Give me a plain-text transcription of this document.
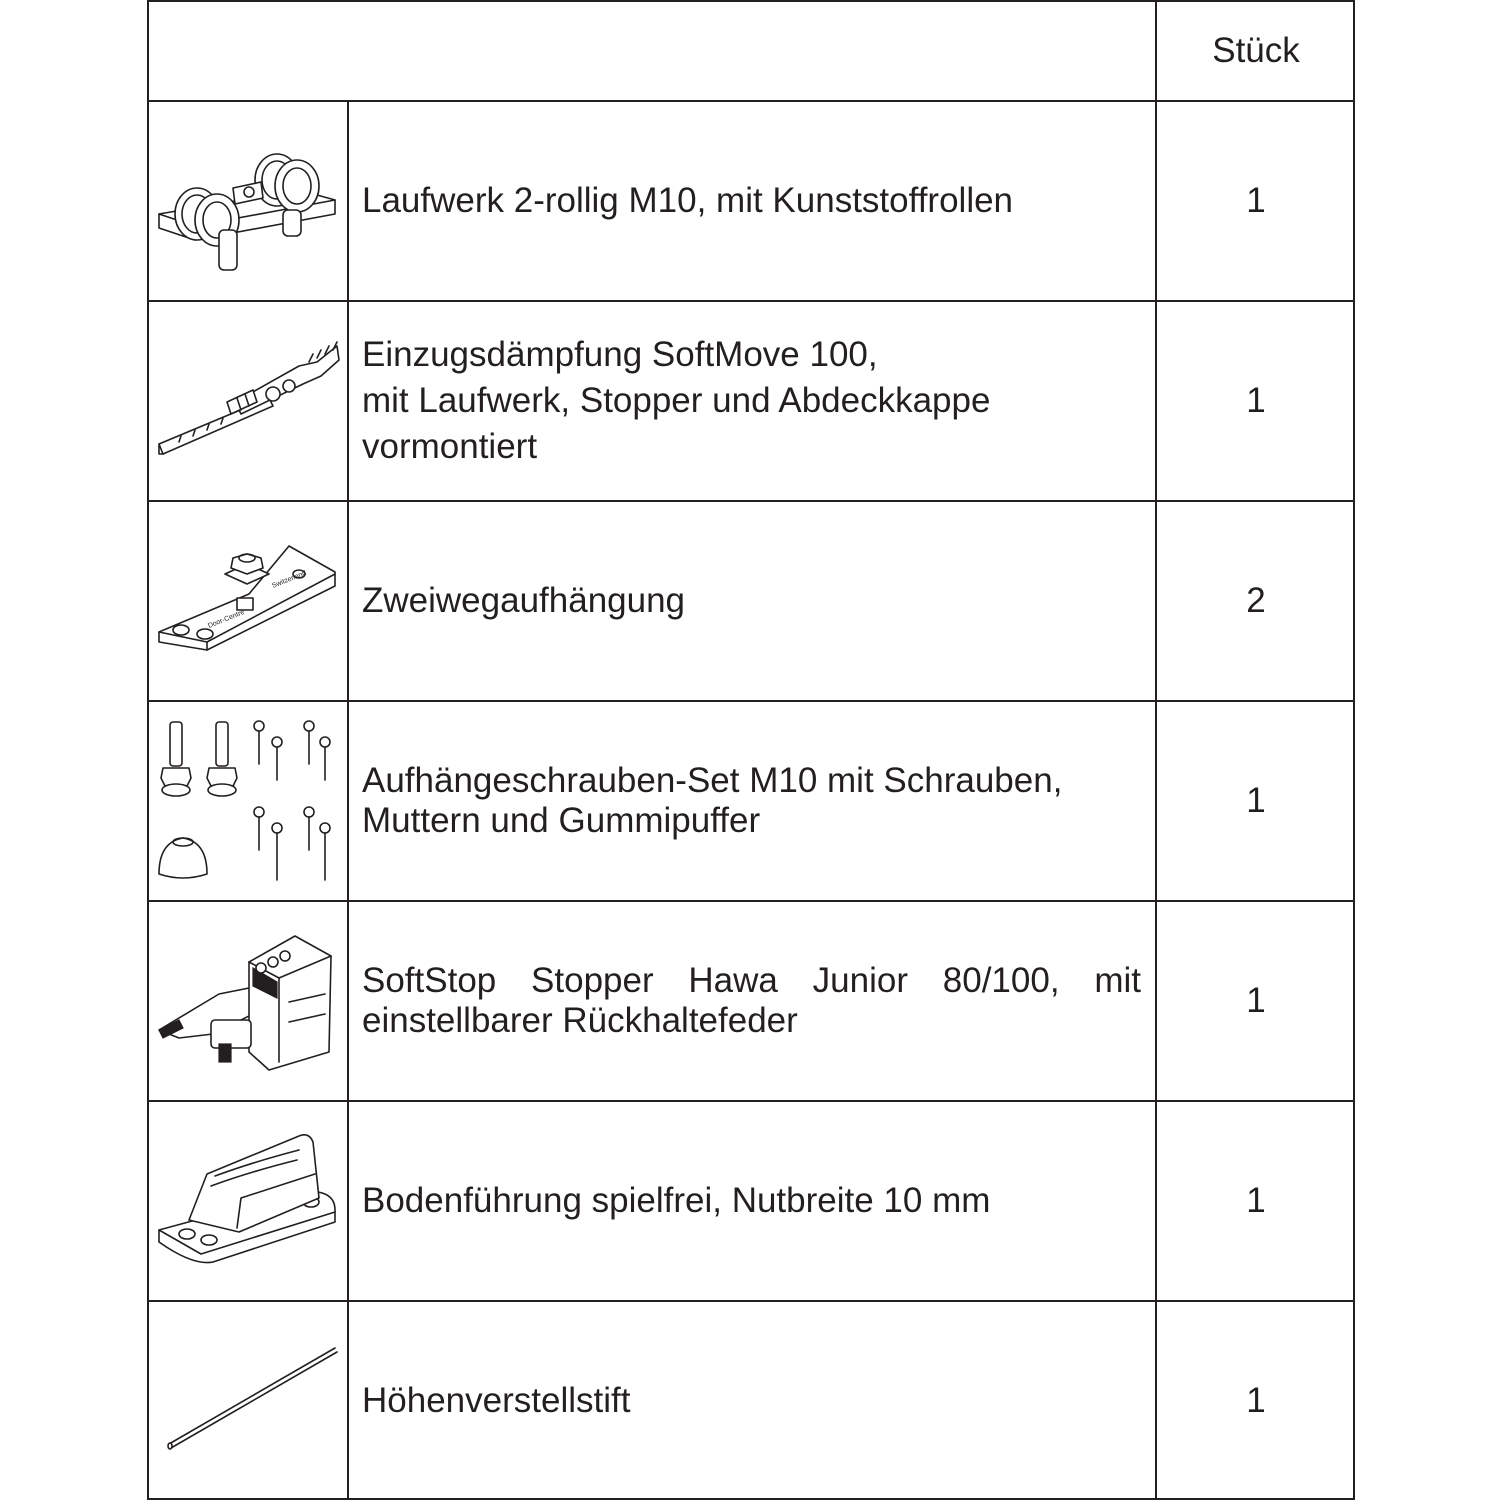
Stück
Laufwerk 2-rollig M10, mit Kunststoffrollen	1
Einzugsdämpfung SoftMove 100,
mit Laufwerk, Stopper und Abdeckkappe
vormontiert
1
Door-Centre
Switzerland
Zweiwegaufhängung	2
Aufhängeschrauben-Set M10 mit Schrauben,
Muttern und Gummipuffer
1
SoftStop Stopper Hawa Junior 80/100, mit
einstellbarer Rückhaltefeder
1
Bodenführung spielfrei, Nutbreite 10 mm	1
Höhenverstellstift	1
